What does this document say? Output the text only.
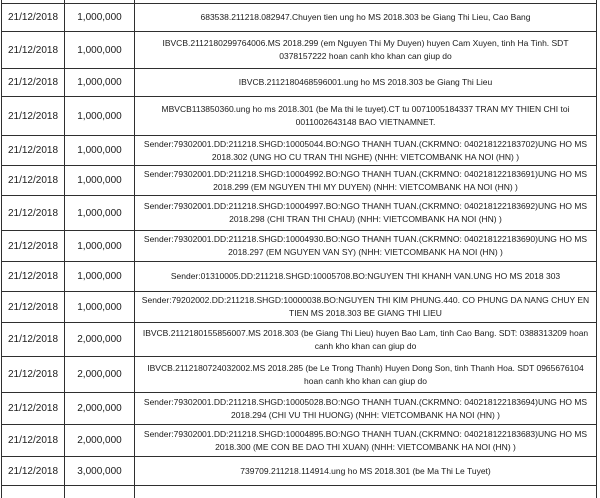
21/12/2018	1,000,000	683538.211218.082947.Chuyen tien ung ho MS 2018.303 be Giang Thi Lieu, Cao Bang
21/12/2018	1,000,000	IBVCB.2112180299764006.MS 2018.299 (em Nguyen Thi My Duyen) huyen Cam Xuyen, tinh Ha Tinh. SDT 0378157222 hoan canh kho khan can giup do
21/12/2018	1,000,000	IBVCB.2112180468596001.ung ho MS 2018.303 be Giang Thi Lieu
21/12/2018	1,000,000	MBVCB113850360.ung ho ms 2018.301 (be Ma thi le tuyet).CT tu 0071005184337 TRAN MY THIEN CHI toi 0011002643148 BAO VIETNAMNET.
21/12/2018	1,000,000	Sender:79302001.DD:211218.SHGD:10005044.BO:NGO THANH TUAN.(CKRMNO: 040218122183702)UNG HO MS 2018.302 (UNG HO CU TRAN THI NGHE) (NHH: VIETCOMBANK HA NOI (HN) )
21/12/2018	1,000,000	Sender:79302001.DD:211218.SHGD:10004992.BO:NGO THANH TUAN.(CKRMNO: 040218122183691)UNG HO MS 2018.299 (EM NGUYEN THI MY DUYEN) (NHH: VIETCOMBANK HA NOI (HN) )
21/12/2018	1,000,000	Sender:79302001.DD:211218.SHGD:10004997.BO:NGO THANH TUAN.(CKRMNO: 040218122183692)UNG HO MS 2018.298 (CHI TRAN THI CHAU) (NHH: VIETCOMBANK HA NOI (HN) )
21/12/2018	1,000,000	Sender:79302001.DD:211218.SHGD:10004930.BO:NGO THANH TUAN.(CKRMNO: 040218122183690)UNG HO MS 2018.297 (EM NGUYEN VAN SY) (NHH: VIETCOMBANK HA NOI (HN) )
21/12/2018	1,000,000	Sender:01310005.DD:211218.SHGD:10005708.BO:NGUYEN THI KHANH VAN.UNG HO MS 2018 303
21/12/2018	1,000,000	Sender:79202002.DD:211218.SHGD:10000038.BO:NGUYEN THI KIM PHUNG.440. CO PHUNG DA NANG CHUY EN TIEN MS 2018.303 BE GIANG THI LIEU
21/12/2018	2,000,000	IBVCB.2112180155856007.MS 2018.303 (be Giang Thi Lieu) huyen Bao Lam, tinh Cao Bang. SDT: 0388313209 hoan canh kho khan can giup do
21/12/2018	2,000,000	IBVCB.2112180724032002.MS 2018.285 (be Le Trong Thanh) Huyen Dong Son, tinh Thanh Hoa. SDT 0965676104 hoan canh kho khan can giup do
21/12/2018	2,000,000	Sender:79302001.DD:211218.SHGD:10005028.BO:NGO THANH TUAN.(CKRMNO: 040218122183694)UNG HO MS 2018.294 (CHI VU THI HUONG) (NHH: VIETCOMBANK HA NOI (HN) )
21/12/2018	2,000,000	Sender:79302001.DD:211218.SHGD:10004895.BO:NGO THANH TUAN.(CKRMNO: 040218122183683)UNG HO MS 2018.300 (ME CON BE DAO THI XUAN) (NHH: VIETCOMBANK HA NOI (HN) )
21/12/2018	3,000,000	739709.211218.114914.ung ho MS 2018.301 (be Ma Thi Le Tuyet)
